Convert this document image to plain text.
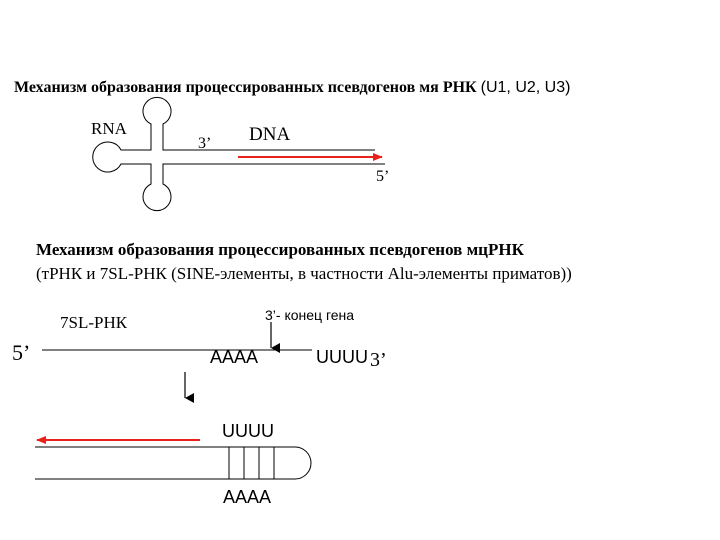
Механизм образования процессированных псевдогенов мя РНК (U1, U2, U3)
RNA	DNA
3’
5’
Механизм образования процессированных псевдогенов мцРНК
(тРНК и 7SL-РНК (SINE-элементы, в частности Alu-элементы приматов))
7SL-РНК	3’- конец гена
5’	AAAA	UUUU 3’
UUUU
AAAA
